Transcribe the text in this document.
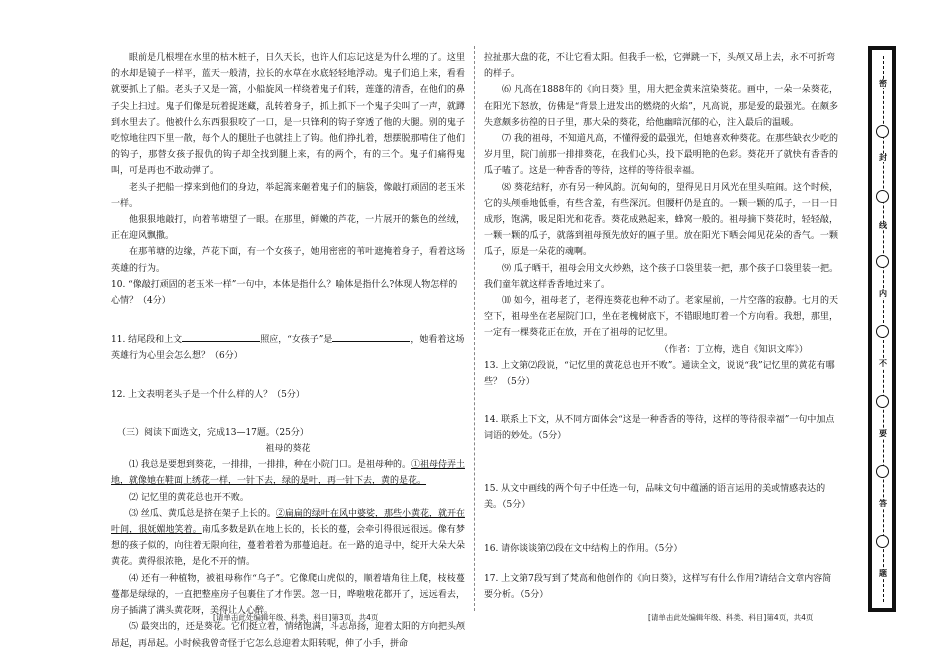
眼前是几根埋在水里的枯木桩子，日久天长，也许人们忘记这是为什么埋的了。这里的水却是镜子一样平，蓝天一般清，拉长的水草在水底轻轻地浮动。鬼子们追上来，看看就要抓上了船。老头子又是一篙，小船旋风一样绕着鬼子们转，莲蓬的清香，在他们的鼻子尖上扫过。鬼子们像是玩着捉迷藏，乱转着身子，抓上抓下一个鬼子尖叫了一声，就蹲到水里去了。他被什么东西狠狠咬了一口，是一只锋利的钩子穿透了他的大腿。别的鬼子吃惊地往四下里一散，每个人的腿肚子也就挂上了钩。他们挣扎着，想摆脱那啃住了他们的钩子，那替女孩子报仇的钩子却全找到腿上来，有的两个，有的三个。鬼子们痛得鬼叫，可是再也不敢动弹了。

老头子把船一撑来到他们的身边，举起篙来砸着鬼子们的脑袋，像敲打顽固的老玉米一样。

他狠狠地敲打，向着苇塘望了一眼。在那里，鲜嫩的芦花，一片展开的紫色的丝绒，正在迎风飘撒。

在那苇塘的边缘，芦花下面，有一个女孩子，她用密密的苇叶遮掩着身子，看着这场英雄的行为。

10. “像敲打顽固的老玉米一样”一句中，本体是指什么？喻体是指什么?体现人物怎样的心情？（4分）

11. 结尾段和上文	照应，“女孩子”是	，她看着这场英雄行为心里会怎么想？（6分）

12. 上文表明老头子是一个什么样的人？（5分）

（三）阅读下面选文，完成13—17题。（25分）

祖母的葵花

⑴ 我总是要想到葵花，一排排，一排排，种在小院门口。是祖母种的。①祖母侍弄土地，就像她在鞋面上绣花一样，一针下去，绿的是叶，再一针下去，黄的是花。

⑵ 记忆里的黄花总也开不败。

⑶ 丝瓜、黄瓜总是挤在架子上长的。②扁扁的绿叶在风中婆娑，那些小黄花，就开在叶间，很妩媚地笑着。南瓜多数是趴在地上长的，长长的蔓，会牵引得很远很远。像有梦想的孩子似的，向往着无限向往，蔓着着着为那蔓追赶。在一路的追寻中，绽开大朵大朵黄花。黄得很浓艳，是化不开的情。

⑷ 还有一种植物，被祖母称作“乌子”。它像爬山虎似的，顺着墙角往上爬，枝枝蔓蔓都是绿绿的，一直把整座房子包裹住了才作罢。忽一日，哗啦啦花都开了，远远看去，房子插满了满头黄花呀，美得让人心醉。

⑸ 最突出的，还是葵花。它们挺立着，情绪饱满，斗志昂扬，迎着太阳的方向把头颅昂起，再昂起。小时候我曾奇怪于它怎么总迎着太阳转呢，伸了小手，拼命

拉扯那大盘的花，不让它看太阳。但我手一松，它弹跳一下，头颅又昂上去，永不可折弯的样子。

⑹ 凡高在1888年的《向日葵》里，用大把金黄来渲染葵花。画中，一朵一朵葵花，在阳光下怒放，仿佛是“背景上进发出的燃烧的火焰”，凡高说，那是爱的最强光。在颇多失意颇多彷徨的日子里，那大朵的葵花，给他幽暗沉郁的心，注入最后的温暖。

⑺ 我的祖母，不知道凡高，不懂得爱的最强光，但她喜欢种葵花。在那些缺衣少吃的岁月里，院门前那一排排葵花，在我们心头，投下最明艳的色彩。葵花开了就快有香香的瓜子嗑了。这是一种香香的等待，这样的等待很幸福。

⑻ 葵花结籽，亦有另一种风韵。沉甸甸的，望得见日月风光在里头喧闹。这个时候，它的头颅垂地低垂，有些含羞，有些深沉。但腰杆仍是直的。一颗一颗的瓜子，一日一日成形，饱满，吸足阳光和花香。葵花成熟起来，蜂窝一般的。祖母摘下葵花时，轻轻敲，一颗一颗的瓜子，就落到祖母预先放好的匾子里。放在阳光下晒会闻见花朵的香气。一颗瓜子，原是一朵花的魂啊。

⑼ 瓜子晒干，祖母会用文火炒熟，这个孩子口袋里装一把，那个孩子口袋里装一把。我们童年就这样香香地过来了。

⑽ 如今，祖母老了，老得连葵花也种不动了。老家屋前，一片空落的寂静。七月的天空下，祖母坐在老屋院门口，坐在老槐树底下，不错眼地盯着一个方向看。我想，那里，一定有一棵葵花正在放，开在了祖母的记忆里。

（作者：丁立梅，选自《知识文库》）

13. 上文第⑵段说，“记忆里的黄花总也开不败”。通读全文，说说“我”记忆里的黄花有哪些？（5分）

14. 联系上下文，从不同方面体会“这是一种香香的等待，这样的等待很幸福”一句中加点词语的妙处。（5分）

15. 从文中画线的两个句子中任选一句，品味文句中蕴涵的语言运用的美或情感表达的美。（5分）

16. 请你谈谈第⑵段在文中结构上的作用。（5分）

17. 上文第7段写到了梵高和他创作的《向日葵》，这样写有什么作用?请结合文章内容简要分析。（5分）

[请单击此处编辑年级、科类、科目]第3页，共4页	[请单击此处编辑年级、科类、科目]第4页，共4页
密
封
线
内
不
要
答
题
